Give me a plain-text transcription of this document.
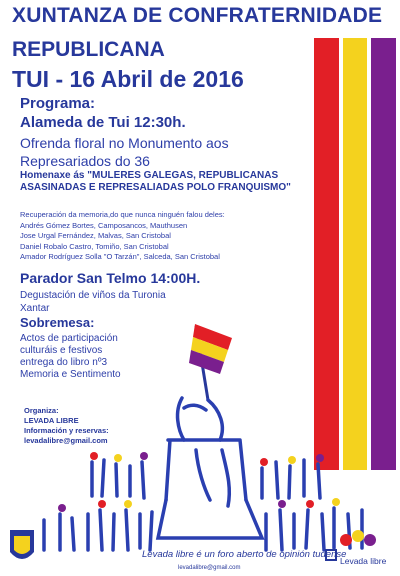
XUNTANZA DE CONFRATERNIDADE
REPUBLICANA
TUI - 16 Abril de 2016
Programa:
Alameda de Tui 12:30h.
Ofrenda floral no Monumento aos
Represariados do 36
Homenaxe ás "MULERES GALEGAS, REPUBLICANAS
ASASINADAS E REPRESALIADAS POLO FRANQUISMO"
Recuperación da memoria,do que nunca ninguén falou deles:
Andrés Gómez Bortes, Camposancos, Mauthusen
Jose Urgal Fernández, Malvas, San Cristobal
Daniel Robalo Castro, Tomiño, San Cristobal
Amador Rodríguez Solla "O Tarzán", Salceda, San Cristobal
Parador San Telmo 14:00H.
Degustación de viños da Turonia
Xantar
Sobremesa:
Actos de participación
culturáis e festivos
entrega do libro nº3
Memoria e Sentimento
Organiza:
LEVADA LIBRE
Información y reservas:
levadalibre@gmail.com
Levada libre é un foro aberto de opinión tudense
levadalibre@gmail.com
Levada libre
